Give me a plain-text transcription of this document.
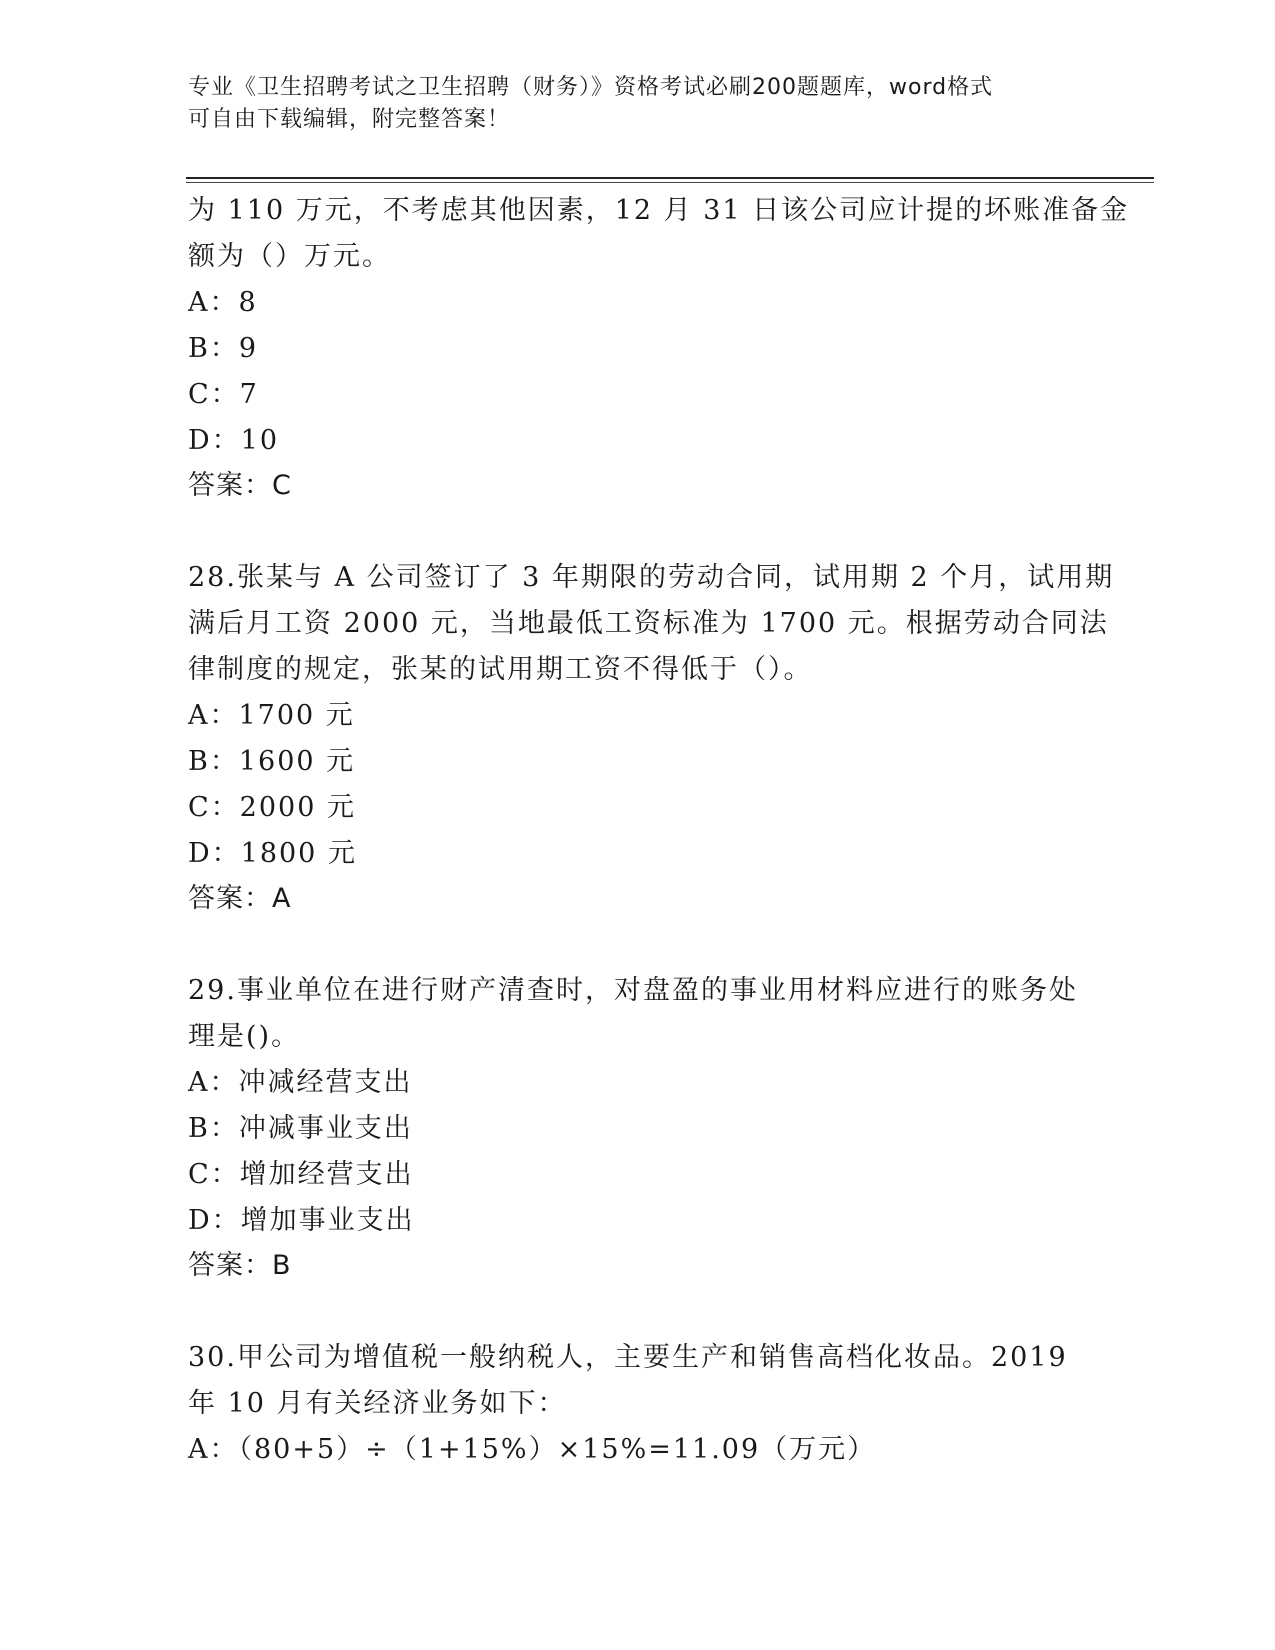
专业《卫生招聘考试之卫生招聘（财务）》资格考试必刷200题题库，word格式
可自由下载编辑，附完整答案！
为 110 万元，不考虑其他因素，12 月 31 日该公司应计提的坏账准备金
额为（）万元。
A：8
B：9
C：7
D：10
答案：C
28.张某与 A 公司签订了 3 年期限的劳动合同，试用期 2 个月，试用期
满后月工资 2000 元，当地最低工资标准为 1700 元。根据劳动合同法
律制度的规定，张某的试用期工资不得低于（）。
A：1700 元
B：1600 元
C：2000 元
D：1800 元
答案：A
29.事业单位在进行财产清查时，对盘盈的事业用材料应进行的账务处
理是()。
A：冲减经营支出
B：冲减事业支出
C：增加经营支出
D：增加事业支出
答案：B
30.甲公司为增值税一般纳税人，主要生产和销售高档化妆品。2019
年 10 月有关经济业务如下：
A：（80+5）÷（1+15%）×15%=11.09（万元）
